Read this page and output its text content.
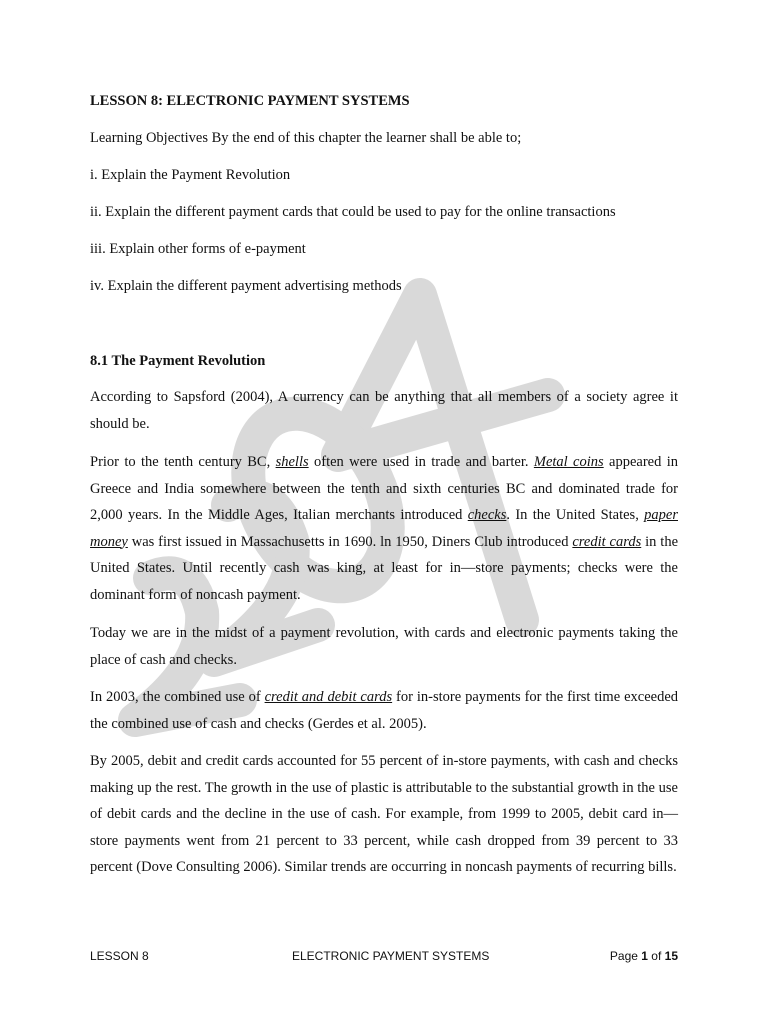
LESSON 8: ELECTRONIC PAYMENT SYSTEMS

Learning Objectives By the end of this chapter the learner shall be able to;

i. Explain the Payment Revolution

ii. Explain the different payment cards that could be used to pay for the online transactions

iii. Explain other forms of e-payment

iv. Explain the different payment advertising methods

8.1 The Payment Revolution

According to Sapsford (2004), A currency can be anything that all members of a society agree it should be.

Prior to the tenth century BC, shells often were used in trade and barter. Metal coins appeared in Greece and India somewhere between the tenth and sixth centuries BC and dominated trade for 2,000 years. In the Middle Ages, Italian merchants introduced checks. In the United States, paper money was first issued in Massachusetts in 1690. ln 1950, Diners Club introduced credit cards in the United States. Until recently cash was king, at least for in—store payments; checks were the dominant form of noncash payment.

Today we are in the midst of a payment revolution, with cards and electronic payments taking the place of cash and checks.

In 2003, the combined use of credit and debit cards for in-store payments for the first time exceeded the combined use of cash and checks (Gerdes et al. 2005).

By 2005, debit and credit cards accounted for 55 percent of in-store payments, with cash and checks making up the rest. The growth in the use of plastic is attributable to the substantial growth in the use of debit cards and the decline in the use of cash. For example, from 1999 to 2005, debit card in—store payments went from 21 percent to 33 percent, while cash dropped from 39 percent to 33 percent (Dove Consulting 2006). Similar trends are occurring in noncash payments of recurring bills.

LESSON 8	ELECTRONIC PAYMENT SYSTEMS	Page 1 of 15
